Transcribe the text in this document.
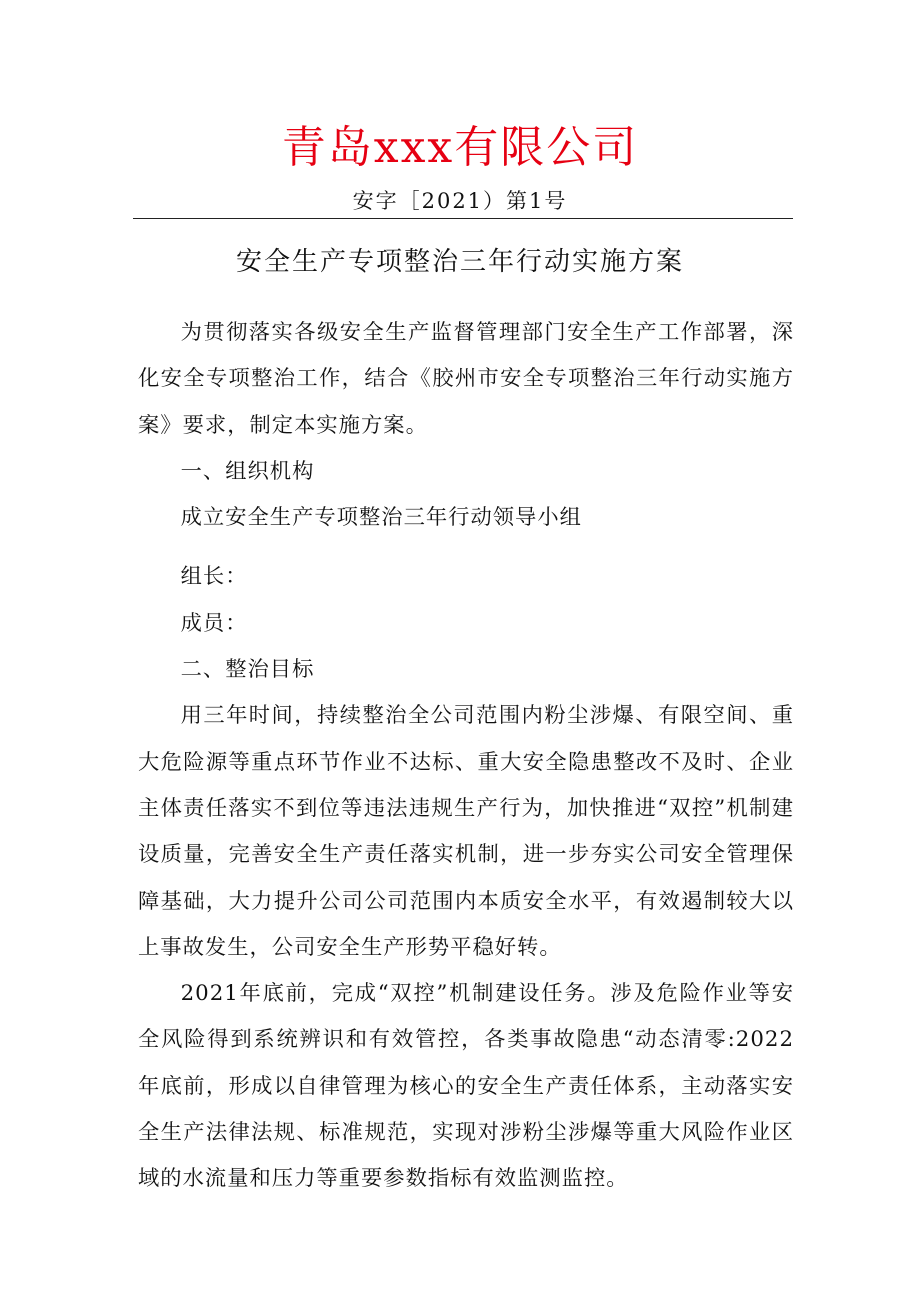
青岛xxx有限公司
安字［2021）第1号
安全生产专项整治三年行动实施方案

为贯彻落实各级安全生产监督管理部门安全生产工作部署，深化安全专项整治工作，结合《胶州市安全专项整治三年行动实施方案》要求，制定本实施方案。

一、组织机构

成立安全生产专项整治三年行动领导小组

组长：

成员：

二、整治目标

用三年时间，持续整治全公司范围内粉尘涉爆、有限空间、重大危险源等重点环节作业不达标、重大安全隐患整改不及时、企业主体责任落实不到位等违法违规生产行为，加快推进“双控”机制建设质量，完善安全生产责任落实机制，进一步夯实公司安全管理保障基础，大力提升公司公司范围内本质安全水平，有效遏制较大以上事故发生，公司安全生产形势平稳好转。

2021年底前，完成“双控”机制建设任务。涉及危险作业等安全风险得到系统辨识和有效管控，各类事故隐患“动态清零:2022年底前，形成以自律管理为核心的安全生产责任体系，主动落实安全生产法律法规、标准规范，实现对涉粉尘涉爆等重大风险作业区域的水流量和压力等重要参数指标有效监测监控。
